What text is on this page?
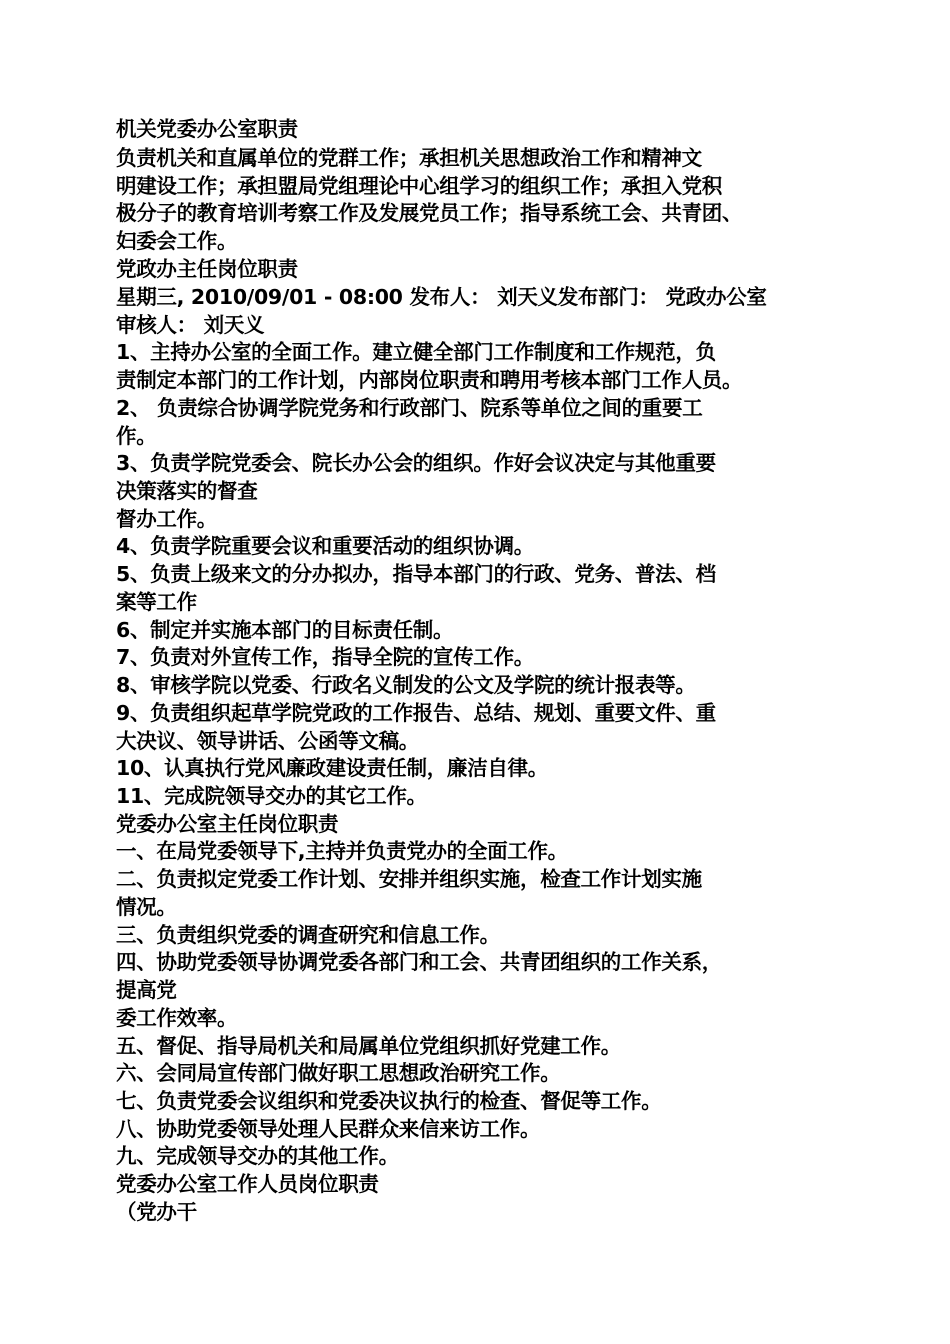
机关党委办公室职责

负责机关和直属单位的党群工作；承担机关思想政治工作和精神文

明建设工作；承担盟局党组理论中心组学习的组织工作；承担入党积

极分子的教育培训考察工作及发展党员工作；指导系统工会、共青团、

妇委会工作。

党政办主任岗位职责

星期三, 2010/09/01 - 08:00 发布人： 刘天义发布部门： 党政办公室

审核人： 刘天义

1、主持办公室的全面工作。建立健全部门工作制度和工作规范，负

责制定本部门的工作计划，内部岗位职责和聘用考核本部门工作人员。

2、 负责综合协调学院党务和行政部门、院系等单位之间的重要工

作。

3、负责学院党委会、院长办公会的组织。作好会议决定与其他重要

决策落实的督查

督办工作。

4、负责学院重要会议和重要活动的组织协调。

5、负责上级来文的分办拟办，指导本部门的行政、党务、普法、档

案等工作

6、制定并实施本部门的目标责任制。

7、负责对外宣传工作，指导全院的宣传工作。

8、审核学院以党委、行政名义制发的公文及学院的统计报表等。

9、负责组织起草学院党政的工作报告、总结、规划、重要文件、重

大决议、领导讲话、公函等文稿。

10、认真执行党风廉政建设责任制，廉洁自律。

11、完成院领导交办的其它工作。

党委办公室主任岗位职责

一、在局党委领导下,主持并负责党办的全面工作。

二、负责拟定党委工作计划、安排并组织实施，检查工作计划实施

情况。

三、负责组织党委的调查研究和信息工作。

四、协助党委领导协调党委各部门和工会、共青团组织的工作关系，

提高党

委工作效率。

五、督促、指导局机关和局属单位党组织抓好党建工作。

六、会同局宣传部门做好职工思想政治研究工作。

七、负责党委会议组织和党委决议执行的检查、督促等工作。

八、协助党委领导处理人民群众来信来访工作。

九、完成领导交办的其他工作。

党委办公室工作人员岗位职责

（党办干
